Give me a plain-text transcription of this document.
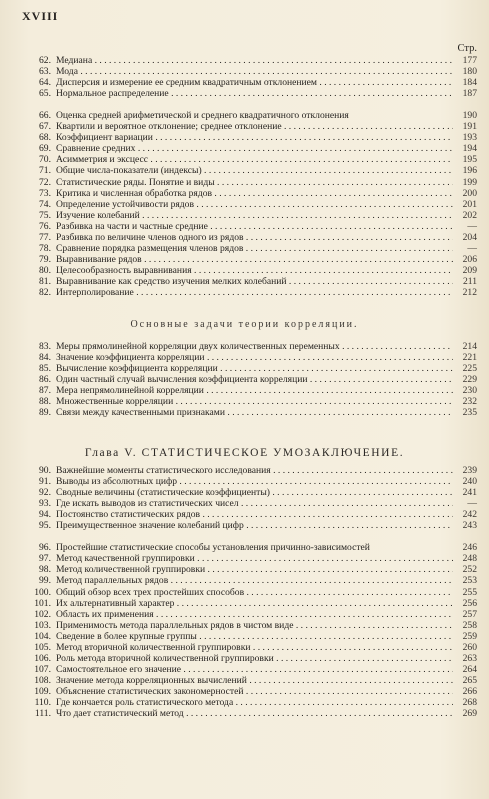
XVIII
Стр.
62. Медиана . . .	177
63. Мода . . .	180
64. Дисперсия и измерение ее средним квадратичным отклонением . . .	184
65. Нормальное распределение . . .	187
66. Оценка средней арифметической и среднего квадратичного отклонения	190
67. Квартили и вероятное отклонение; среднее отклонение . . .	191
68. Коэффициент вариации . . .	193
69. Сравнение средних . . .	194
70. Асимметрия и эксцесс . . .	195
71. Общие числа-показатели (индексы) . . .	196
72. Статистические ряды. Понятие и виды . . .	199
73. Критика и численная обработка рядов . . .	200
74. Определение устойчивости рядов . . .	201
75. Изучение колебаний . . .	202
76. Разбивка на части и частные средние . . .	—
77. Разбивка по величине членов одного из рядов . . .	204
78. Сравнение порядка размещения членов рядов . . .	—
79. Выравнивание рядов . . .	206
80. Целесообразность выравнивания . . .	209
81. Выравнивание как средство изучения мелких колебаний . . .	211
82. Интерполирование . . .	212
Основные задачи теории корреляции.
83. Меры прямолинейной корреляции двух количественных переменных . . .	214
84. Значение коэффициента корреляции . . .	221
85. Вычисление коэффициента корреляции . . .	225
86. Один частный случай вычисления коэффициента корреляции . . .	229
87. Мера непрямолинейной корреляции . . .	230
88. Множественные корреляции . . .	232
89. Связи между качественными признаками . . .	235
Глава V. СТАТИСТИЧЕСКОЕ УМОЗАКЛЮЧЕНИЕ.
90. Важнейшие моменты статистического исследования . . .	239
91. Выводы из абсолютных цифр . . .	240
92. Сводные величины (статистические коэффициенты) . . .	241
93. Где искать выводов из статистических чисел . . .	—
94. Постоянство статистических рядов . . .	242
95. Преимущественное значение колебаний цифр . . .	243
96. Простейшие статистические способы установления причинно-зависимостей	246
97. Метод качественной группировки . . .	248
98. Метод количественной группировки . . .	252
99. Метод параллельных рядов . . .	253
100. Общий обзор всех трех простейших способов . . .	255
101. Их альтернативный характер . . .	256
102. Область их применения . . .	257
103. Применимость метода параллельных рядов в чистом виде . . .	258
104. Сведение в более крупные группы . . .	259
105. Метод вторичной количественной группировки . . .	260
106. Роль метода вторичной количественной группировки . . .	263
107. Самостоятельное его значение . . .	264
108. Значение метода корреляционных вычислений . . .	265
109. Объяснение статистических закономерностей . . .	266
110. Где кончается роль статистического метода . . .	268
111. Что дает статистический метод . . .	269
